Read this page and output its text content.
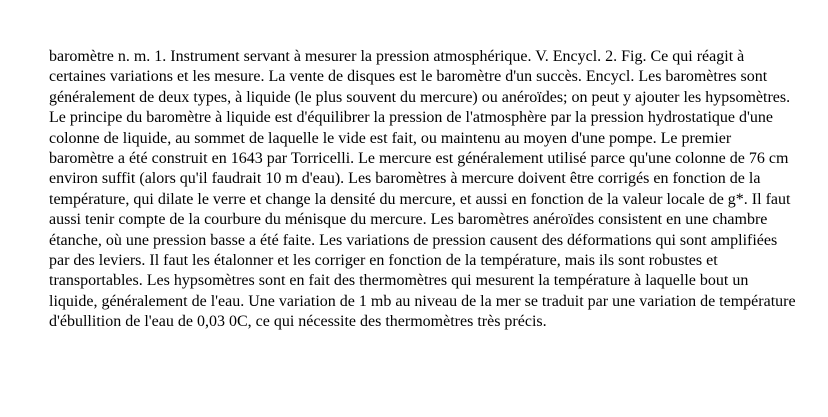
baromètre n. m. 1. Instrument servant à mesurer la pression atmosphérique. V. Encycl. 2. Fig. Ce qui réagit à
certaines variations et les mesure. La vente de disques est le baromètre d'un succès. Encycl. Les baromètres sont
généralement de deux types, à liquide (le plus souvent du mercure) ou anéroïdes; on peut y ajouter les hypsomètres.
Le principe du baromètre à liquide est d'équilibrer la pression de l'atmosphère par la pression hydrostatique d'une
colonne de liquide, au sommet de laquelle le vide est fait, ou maintenu au moyen d'une pompe. Le premier
baromètre a été construit en 1643 par Torricelli. Le mercure est généralement utilisé parce qu'une colonne de 76 cm
environ suffit (alors qu'il faudrait 10 m d'eau). Les baromètres à mercure doivent être corrigés en fonction de la
température, qui dilate le verre et change la densité du mercure, et aussi en fonction de la valeur locale de g*. Il faut
aussi tenir compte de la courbure du ménisque du mercure. Les baromètres anéroïdes consistent en une chambre
étanche, où une pression basse a été faite. Les variations de pression causent des déformations qui sont amplifiées
par des leviers. Il faut les étalonner et les corriger en fonction de la température, mais ils sont robustes et
transportables. Les hypsomètres sont en fait des thermomètres qui mesurent la température à laquelle bout un
liquide, généralement de l'eau. Une variation de 1 mb au niveau de la mer se traduit par une variation de température
d'ébullition de l'eau de 0,03 0C, ce qui nécessite des thermomètres très précis.
